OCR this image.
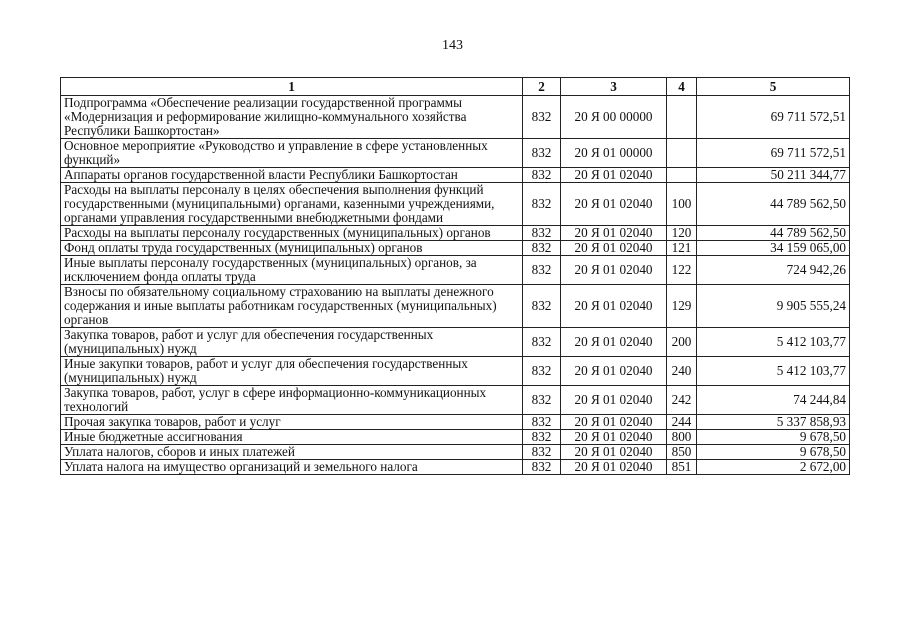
143
1	2	3	4	5
Подпрограмма «Обеспечение реализации государственной программы «Модернизация и реформирование жилищно-коммунального хозяйства Республики Башкортостан»	832	20 Я 00 00000		69 711 572,51
Основное мероприятие «Руководство и управление в сфере установленных функций»	832	20 Я 01 00000		69 711 572,51
Аппараты органов государственной власти Республики Башкортостан	832	20 Я 01 02040		50 211 344,77
Расходы на выплаты персоналу в целях обеспечения выполнения функций государственными (муниципальными) органами, казенными учреждениями, органами управления государственными внебюджетными фондами	832	20 Я 01 02040	100	44 789 562,50
Расходы на выплаты персоналу государственных (муниципальных) органов	832	20 Я 01 02040	120	44 789 562,50
Фонд оплаты труда государственных (муниципальных) органов	832	20 Я 01 02040	121	34 159 065,00
Иные выплаты персоналу государственных (муниципальных) органов, за исключением фонда оплаты труда	832	20 Я 01 02040	122	724 942,26
Взносы по обязательному социальному страхованию на выплаты денежного содержания и иные выплаты работникам государственных (муниципальных) органов	832	20 Я 01 02040	129	9 905 555,24
Закупка товаров, работ и услуг для обеспечения государственных (муниципальных) нужд	832	20 Я 01 02040	200	5 412 103,77
Иные закупки товаров, работ и услуг для обеспечения государственных (муниципальных) нужд	832	20 Я 01 02040	240	5 412 103,77
Закупка товаров, работ, услуг в сфере информационно-коммуникационных технологий	832	20 Я 01 02040	242	74 244,84
Прочая закупка товаров, работ и услуг	832	20 Я 01 02040	244	5 337 858,93
Иные бюджетные ассигнования	832	20 Я 01 02040	800	9 678,50
Уплата налогов, сборов и иных платежей	832	20 Я 01 02040	850	9 678,50
Уплата налога на имущество организаций и земельного налога	832	20 Я 01 02040	851	2 672,00
